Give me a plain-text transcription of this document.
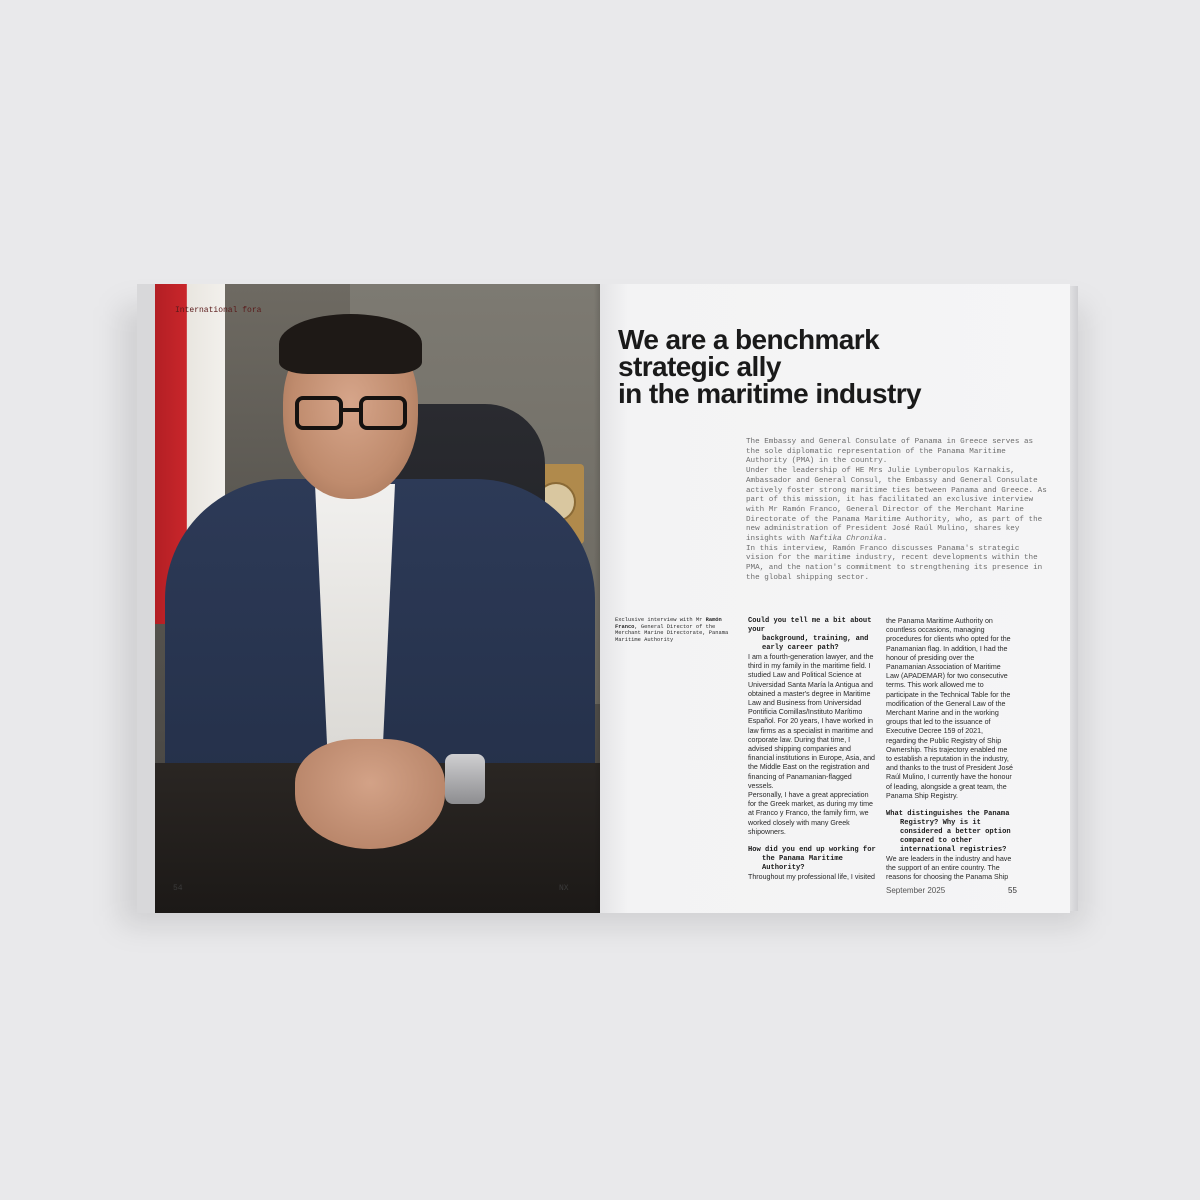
International fora
54	NX
We are a benchmark
strategic ally
in the maritime industry

The Embassy and General Consulate of Panama in Greece serves as the sole diplomatic representation of the Panama Maritime Authority (PMA) in the country.

Under the leadership of HE Mrs Julie Lymberopulos Karnakis, Ambassador and General Consul, the Embassy and General Consulate actively foster strong maritime ties between Panama and Greece. As part of this mission, it has facilitated an exclusive interview with Mr Ramón Franco, General Director of the Merchant Marine Directorate of the Panama Maritime Authority, who, as part of the new administration of President José Raúl Mulino, shares key insights with Naftika Chronika.

In this interview, Ramón Franco discusses Panama's strategic vision for the maritime industry, recent developments within the PMA, and the nation's commitment to strengthening its presence in the global shipping sector.

Exclusive interview with Mr Ramón Franco, General Director of the Merchant Marine Directorate, Panama Maritime Authority
Could you tell me a bit about your
background, training, and early career path?

I am a fourth-generation lawyer, and the third in my family in the maritime field. I studied Law and Political Science at Universidad Santa María la Antigua and obtained a master's degree in Maritime Law and Business from Universidad Pontificia Comillas/Instituto Marítimo Español. For 20 years, I have worked in law firms as a specialist in maritime and corporate law. During that time, I advised shipping companies and financial institutions in Europe, Asia, and the Middle East on the registration and financing of Panamanian-flagged vessels.

Personally, I have a great appreciation for the Greek market, as during my time at Franco y Franco, the family firm, we worked closely with many Greek shipowners.

How did you end up working for
the Panama Maritime Authority?

Throughout my professional life, I visited

the Panama Maritime Authority on countless occasions, managing procedures for clients who opted for the Panamanian flag. In addition, I had the honour of presiding over the Panamanian Association of Maritime Law (APADEMAR) for two consecutive terms. This work allowed me to participate in the Technical Table for the modification of the General Law of the Merchant Marine and in the working groups that led to the issuance of Executive Decree 159 of 2021, regarding the Public Registry of Ship Ownership. This trajectory enabled me to establish a reputation in the industry, and thanks to the trust of President José Raúl Mulino, I currently have the honour of leading, alongside a great team, the Panama Ship Registry.

What distinguishes the Panama
Registry? Why is it considered a better option compared to other international registries?

We are leaders in the industry and have the support of an entire country. The reasons for choosing the Panama Ship

September 2025	55
